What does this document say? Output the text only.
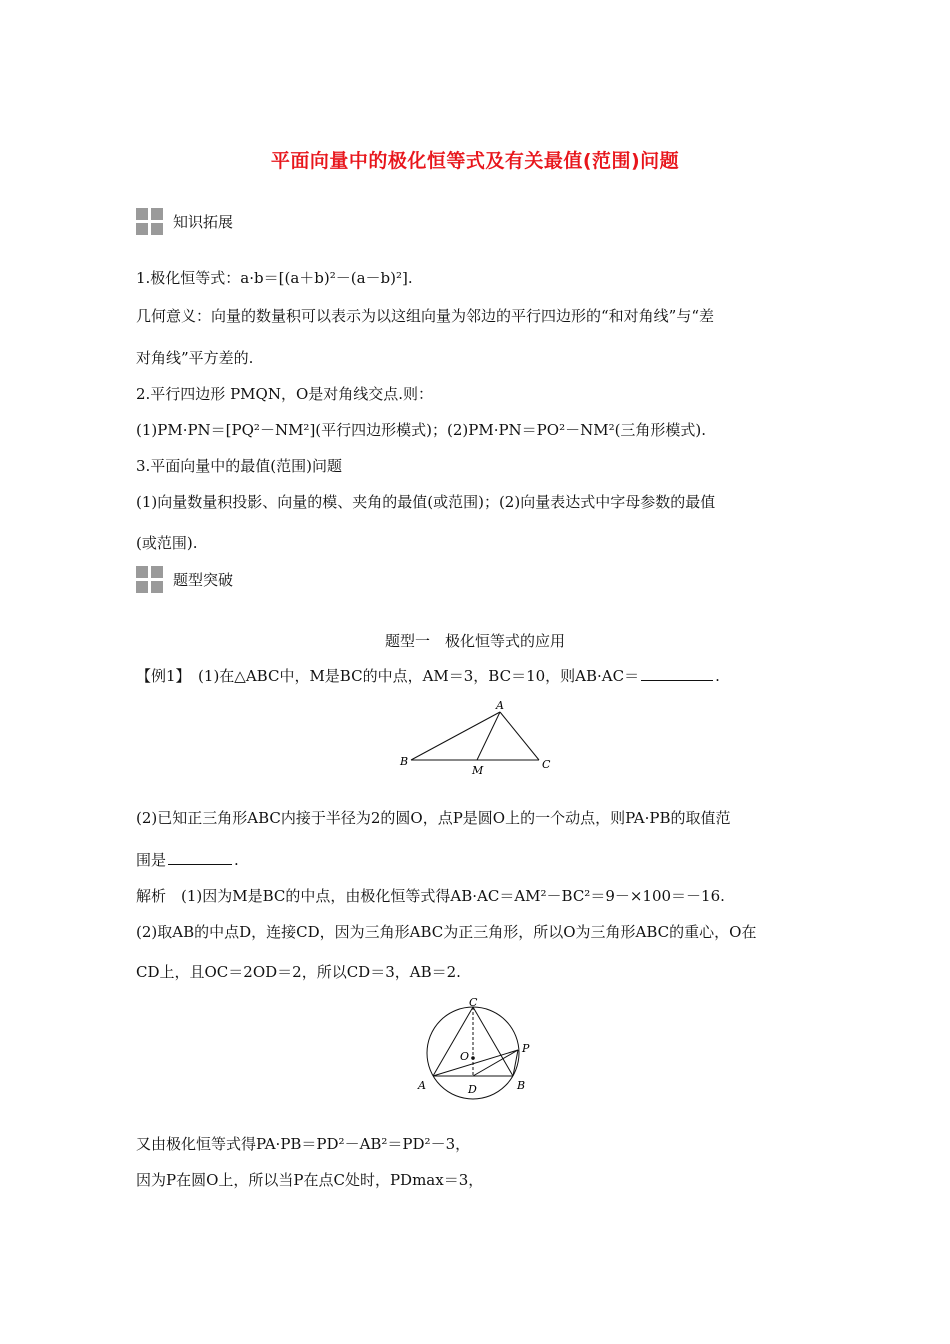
平面向量中的极化恒等式及有关最值(范围)问题
知识拓展
1.极化恒等式：a·b＝[(a＋b)²－(a－b)²].
几何意义：向量的数量积可以表示为以这组向量为邻边的平行四边形的“和对角线”与“差
对角线”平方差的.
2.平行四边形 PMQN，O是对角线交点.则：
(1)PM·PN＝[PQ²－NM²](平行四边形模式)；(2)PM·PN＝PO²－NM²(三角形模式).
3.平面向量中的最值(范围)问题
(1)向量数量积投影、向量的模、夹角的最值(或范围)；(2)向量表达式中字母参数的最值
(或范围).
题型突破
题型一　极化恒等式的应用
【例1】　(1)在△ABC中，M是BC的中点，AM＝3，BC＝10，则AB·AC＝	.
A
B	C
M
(2)已知正三角形ABC内接于半径为2的圆O，点P是圆O上的一个动点，则PA·PB的取值范
围是	.
解析　(1)因为M是BC的中点，由极化恒等式得AB·AC＝AM²－BC²＝9－×100＝－16.
(2)取AB的中点D，连接CD，因为三角形ABC为正三角形，所以O为三角形ABC的重心，O在
CD上，且OC＝2OD＝2，所以CD＝3，AB＝2.
C
O
P
A	D	B
又由极化恒等式得PA·PB＝PD²－AB²＝PD²－3，
因为P在圆O上，所以当P在点C处时，PDmax＝3，
